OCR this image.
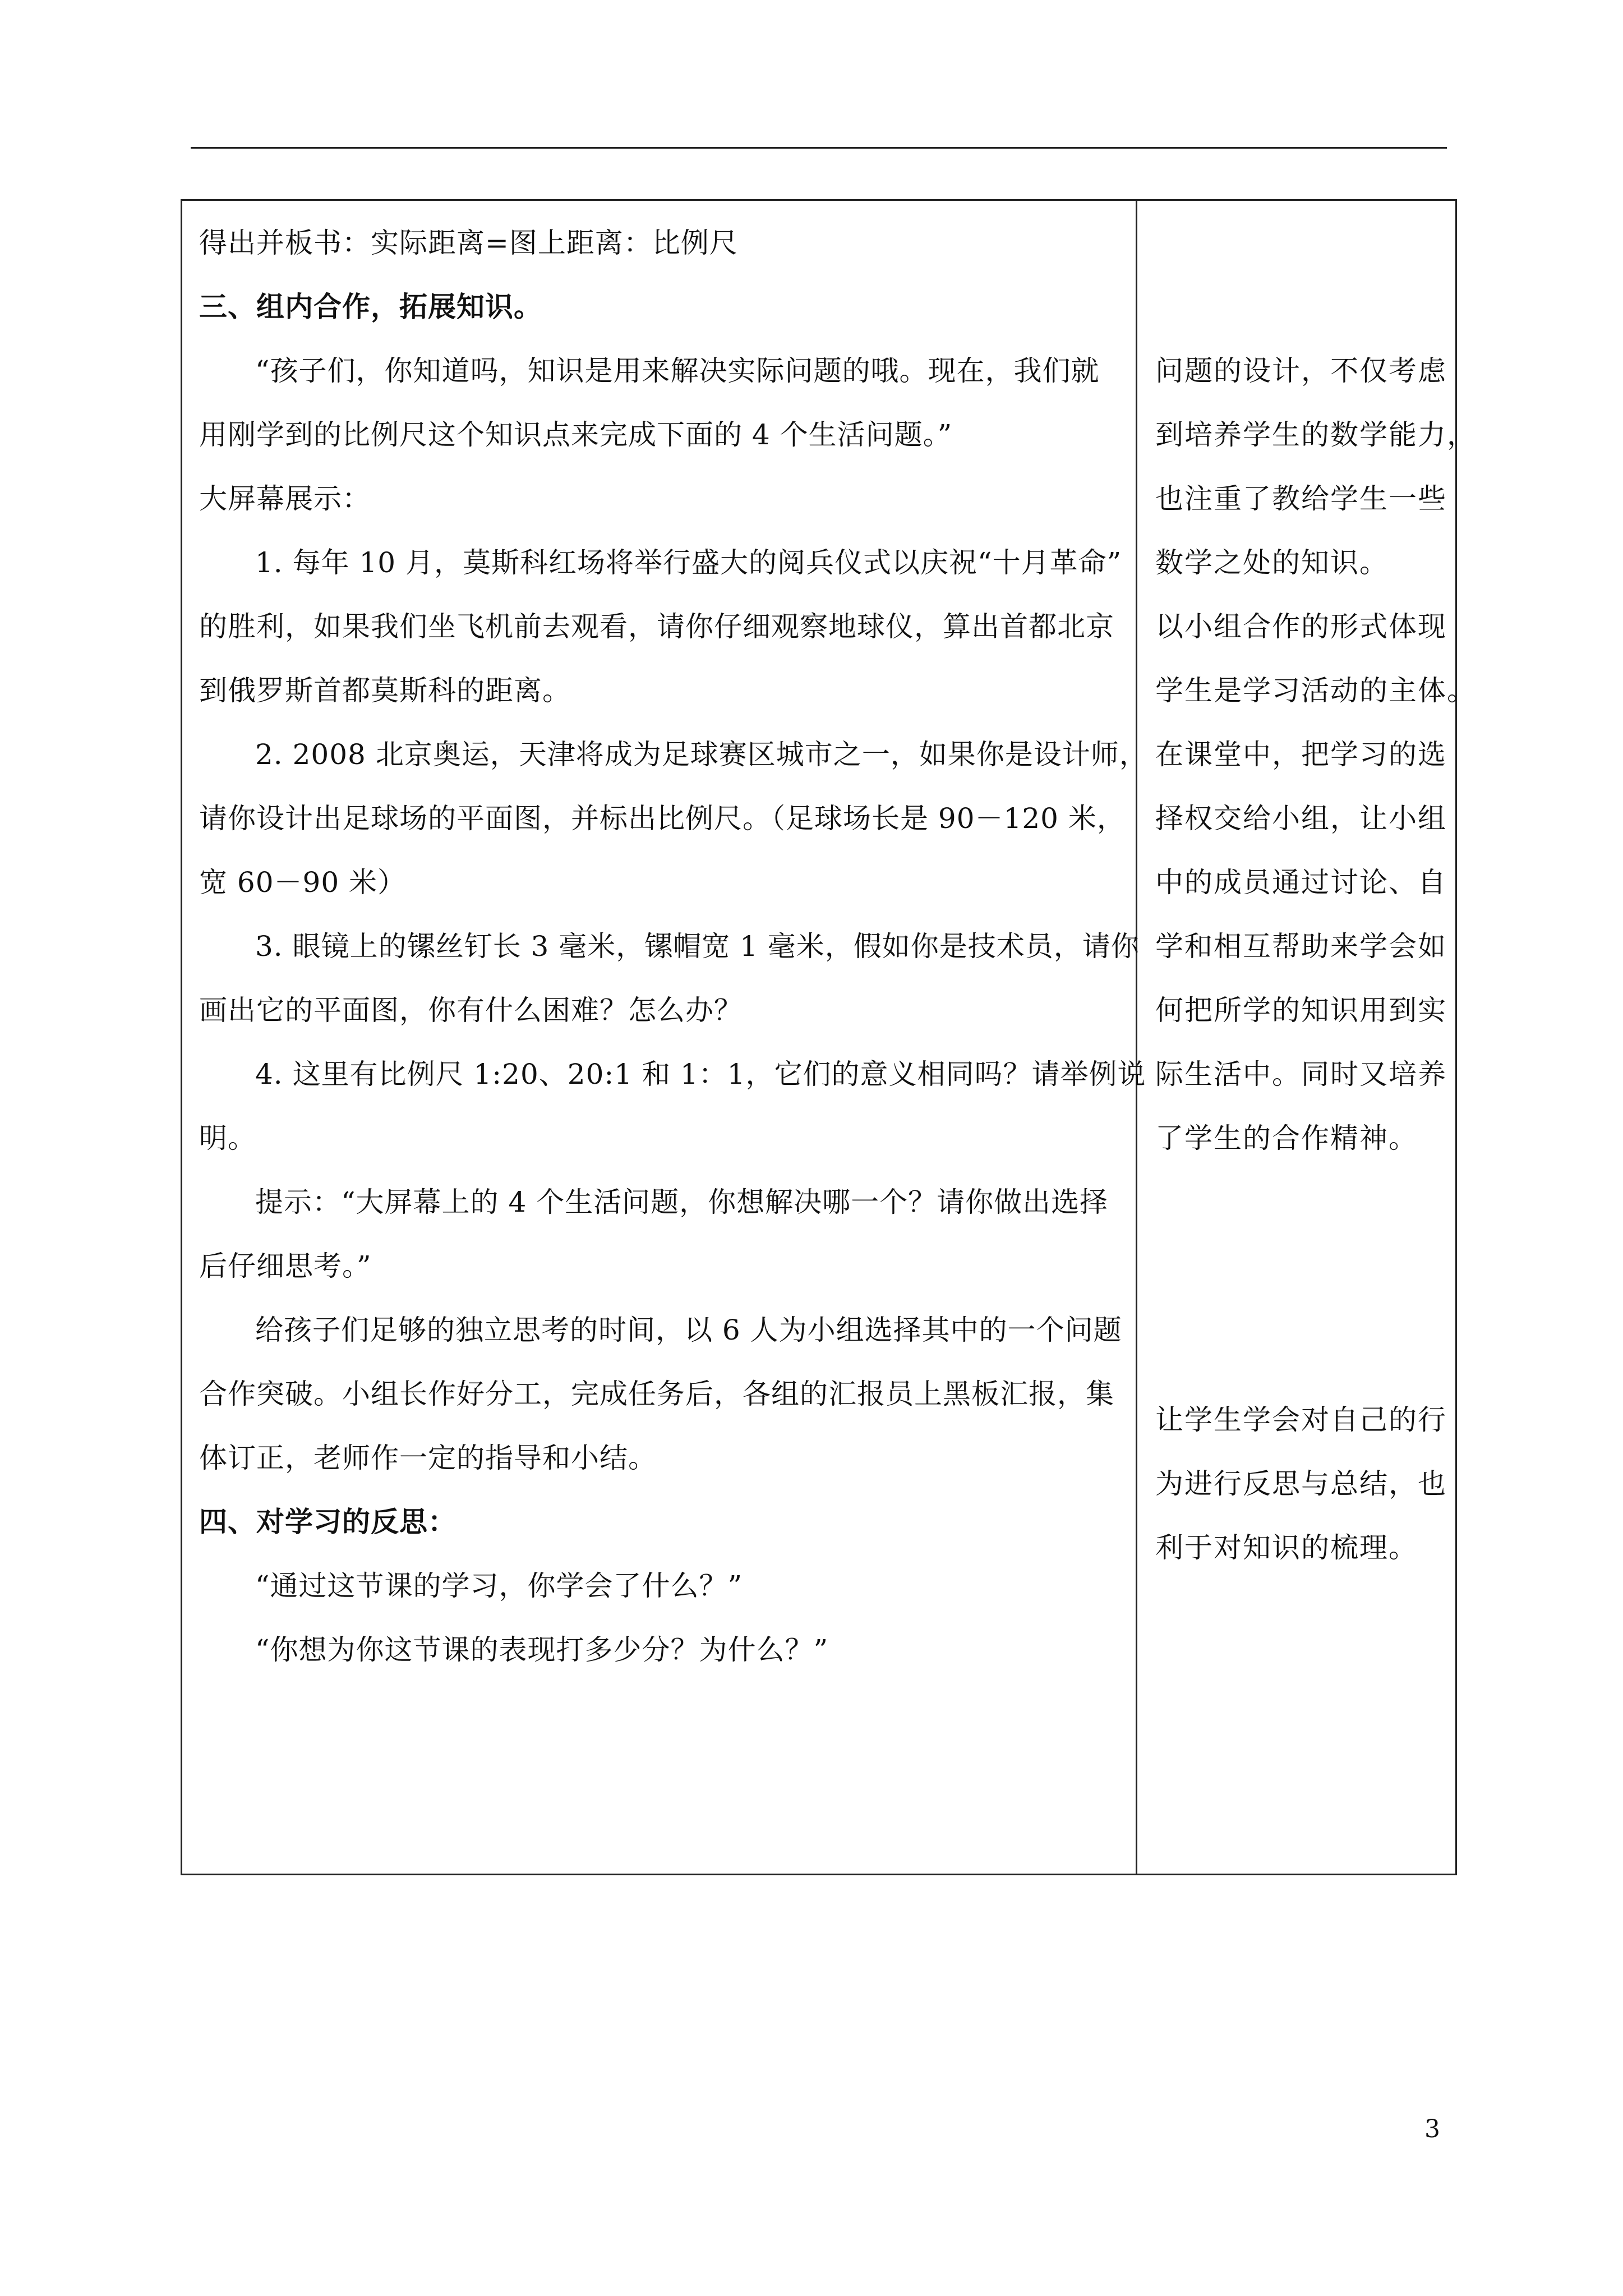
得出并板书：实际距离=图上距离：比例尺
三、组内合作，拓展知识。
“孩子们，你知道吗，知识是用来解决实际问题的哦。现在，我们就
用刚学到的比例尺这个知识点来完成下面的 4 个生活问题。”
大屏幕展示：
1. 每年 10 月，莫斯科红场将举行盛大的阅兵仪式以庆祝“十月革命”
的胜利，如果我们坐飞机前去观看，请你仔细观察地球仪，算出首都北京
到俄罗斯首都莫斯科的距离。
2. 2008 北京奥运，天津将成为足球赛区城市之一，如果你是设计师，
请你设计出足球场的平面图，并标出比例尺。（足球场长是 90－120 米，
宽 60－90 米）
3. 眼镜上的镙丝钉长 3 毫米，镙帽宽 1 毫米，假如你是技术员，请你
画出它的平面图，你有什么困难？怎么办？
4. 这里有比例尺 1:20、20:1 和 1：1，它们的意义相同吗？请举例说
明。
提示：“大屏幕上的 4 个生活问题，你想解决哪一个？请你做出选择
后仔细思考。”
给孩子们足够的独立思考的时间，以 6 人为小组选择其中的一个问题
合作突破。小组长作好分工，完成任务后，各组的汇报员上黑板汇报，集
体订正，老师作一定的指导和小结。
四、对学习的反思：
“通过这节课的学习，你学会了什么？”
“你想为你这节课的表现打多少分？为什么？”
问题的设计，不仅考虑
到培养学生的数学能力，
也注重了教给学生一些
数学之处的知识。
以小组合作的形式体现
学生是学习活动的主体。
在课堂中，把学习的选
择权交给小组，让小组
中的成员通过讨论、自
学和相互帮助来学会如
何把所学的知识用到实
际生活中。同时又培养
了学生的合作精神。
让学生学会对自己的行
为进行反思与总结，也
利于对知识的梳理。
3
